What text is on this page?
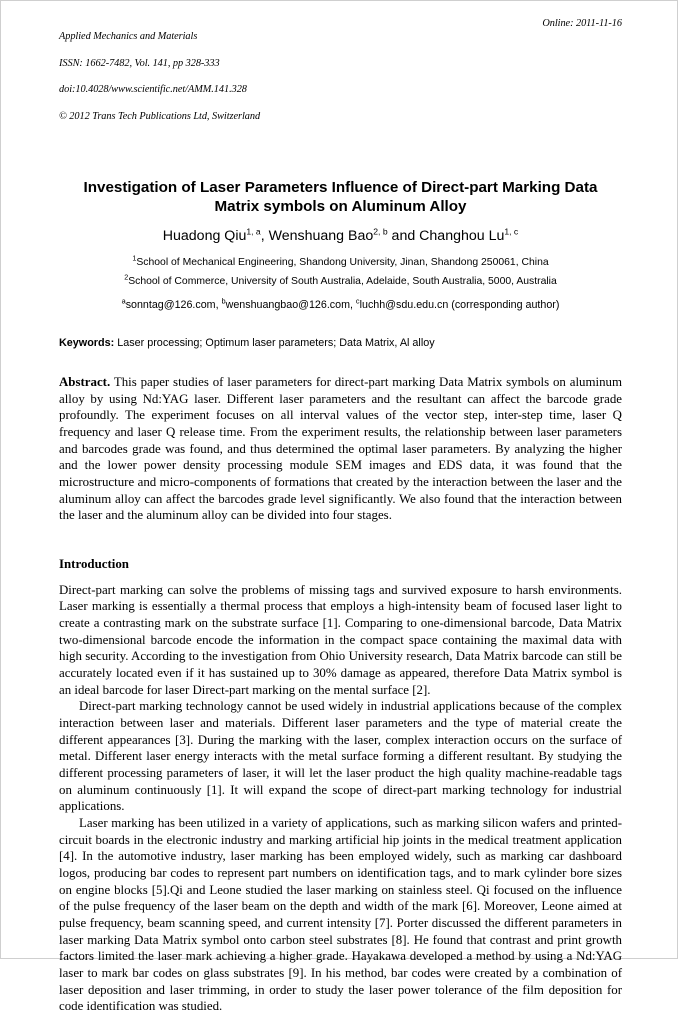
Applied Mechanics and Materials

ISSN: 1662-7482, Vol. 141, pp 328-333

doi:10.4028/www.scientific.net/AMM.141.328

© 2012 Trans Tech Publications Ltd, Switzerland

Online: 2011-11-16
Investigation of Laser Parameters Influence of Direct-part Marking Data Matrix symbols on Aluminum Alloy
Huadong Qiu$^{1, a}$, Wenshuang Bao$^{2, b}$ and Changhou Lu$^{1, c}$
$^1$School of Mechanical Engineering, Shandong University, Jinan, Shandong 250061, China
$^2$School of Commerce, University of South Australia, Adelaide, South Australia, 5000, Australia
$^a$sonntag@126.com, $^b$wenshuangbao@126.com, $^c$luchh@sdu.edu.cn (corresponding author)
Keywords: Laser processing; Optimum laser parameters; Data Matrix, Al alloy
Abstract. This paper studies of laser parameters for direct-part marking Data Matrix symbols on aluminum alloy by using Nd:YAG laser. Different laser parameters and the resultant can affect the barcode grade profoundly. The experiment focuses on all interval values of the vector step, inter-step time, laser Q frequency and laser Q release time. From the experiment results, the relationship between laser parameters and barcodes grade was found, and thus determined the optimal laser parameters. By analyzing the higher and the lower power density processing module SEM images and EDS data, it was found that the microstructure and micro-components of formations that created by the interaction between the laser and the aluminum alloy can affect the barcodes grade level significantly. We also found that the interaction between the laser and the aluminum alloy can be divided into four stages.
Introduction
Direct-part marking can solve the problems of missing tags and survived exposure to harsh environments. Laser marking is essentially a thermal process that employs a high-intensity beam of focused laser light to create a contrasting mark on the substrate surface [1]. Comparing to one-dimensional barcode, Data Matrix two-dimensional barcode encode the information in the compact space containing the maximal data with high security. According to the investigation from Ohio University research, Data Matrix barcode can still be accurately located even if it has sustained up to 30% damage as appeared, therefore Data Matrix symbol is an ideal barcode for laser Direct-part marking on the mental surface [2].
Direct-part marking technology cannot be used widely in industrial applications because of the complex interaction between laser and materials. Different laser parameters and the type of material create the different appearances [3]. During the marking with the laser, complex interaction occurs on the surface of metal. Different laser energy interacts with the metal surface forming a different resultant. By studying the different processing parameters of laser, it will let the laser product the high quality machine-readable tags on aluminum continuously [1]. It will expand the scope of direct-part marking technology for industrial applications.
Laser marking has been utilized in a variety of applications, such as marking silicon wafers and printed-circuit boards in the electronic industry and marking artificial hip joints in the medical treatment application [4]. In the automotive industry, laser marking has been employed widely, such as marking car dashboard logos, producing bar codes to represent part numbers on identification tags, and to mark cylinder bore sizes on engine blocks [5].Qi and Leone studied the laser marking on stainless steel. Qi focused on the influence of the pulse frequency of the laser beam on the depth and width of the mark [6]. Moreover, Leone aimed at pulse frequency, beam scanning speed, and current intensity [7]. Porter discussed the different parameters in laser marking Data Matrix symbol onto carbon steel substrates [8]. He found that contrast and print growth factors limited the laser mark achieving a higher grade. Hayakawa developed a method by using a Nd:YAG laser to mark bar codes on glass substrates [9]. In his method, bar codes were created by a combination of laser deposition and laser trimming, in order to study the laser power tolerance of the film deposition for code identification was studied.
